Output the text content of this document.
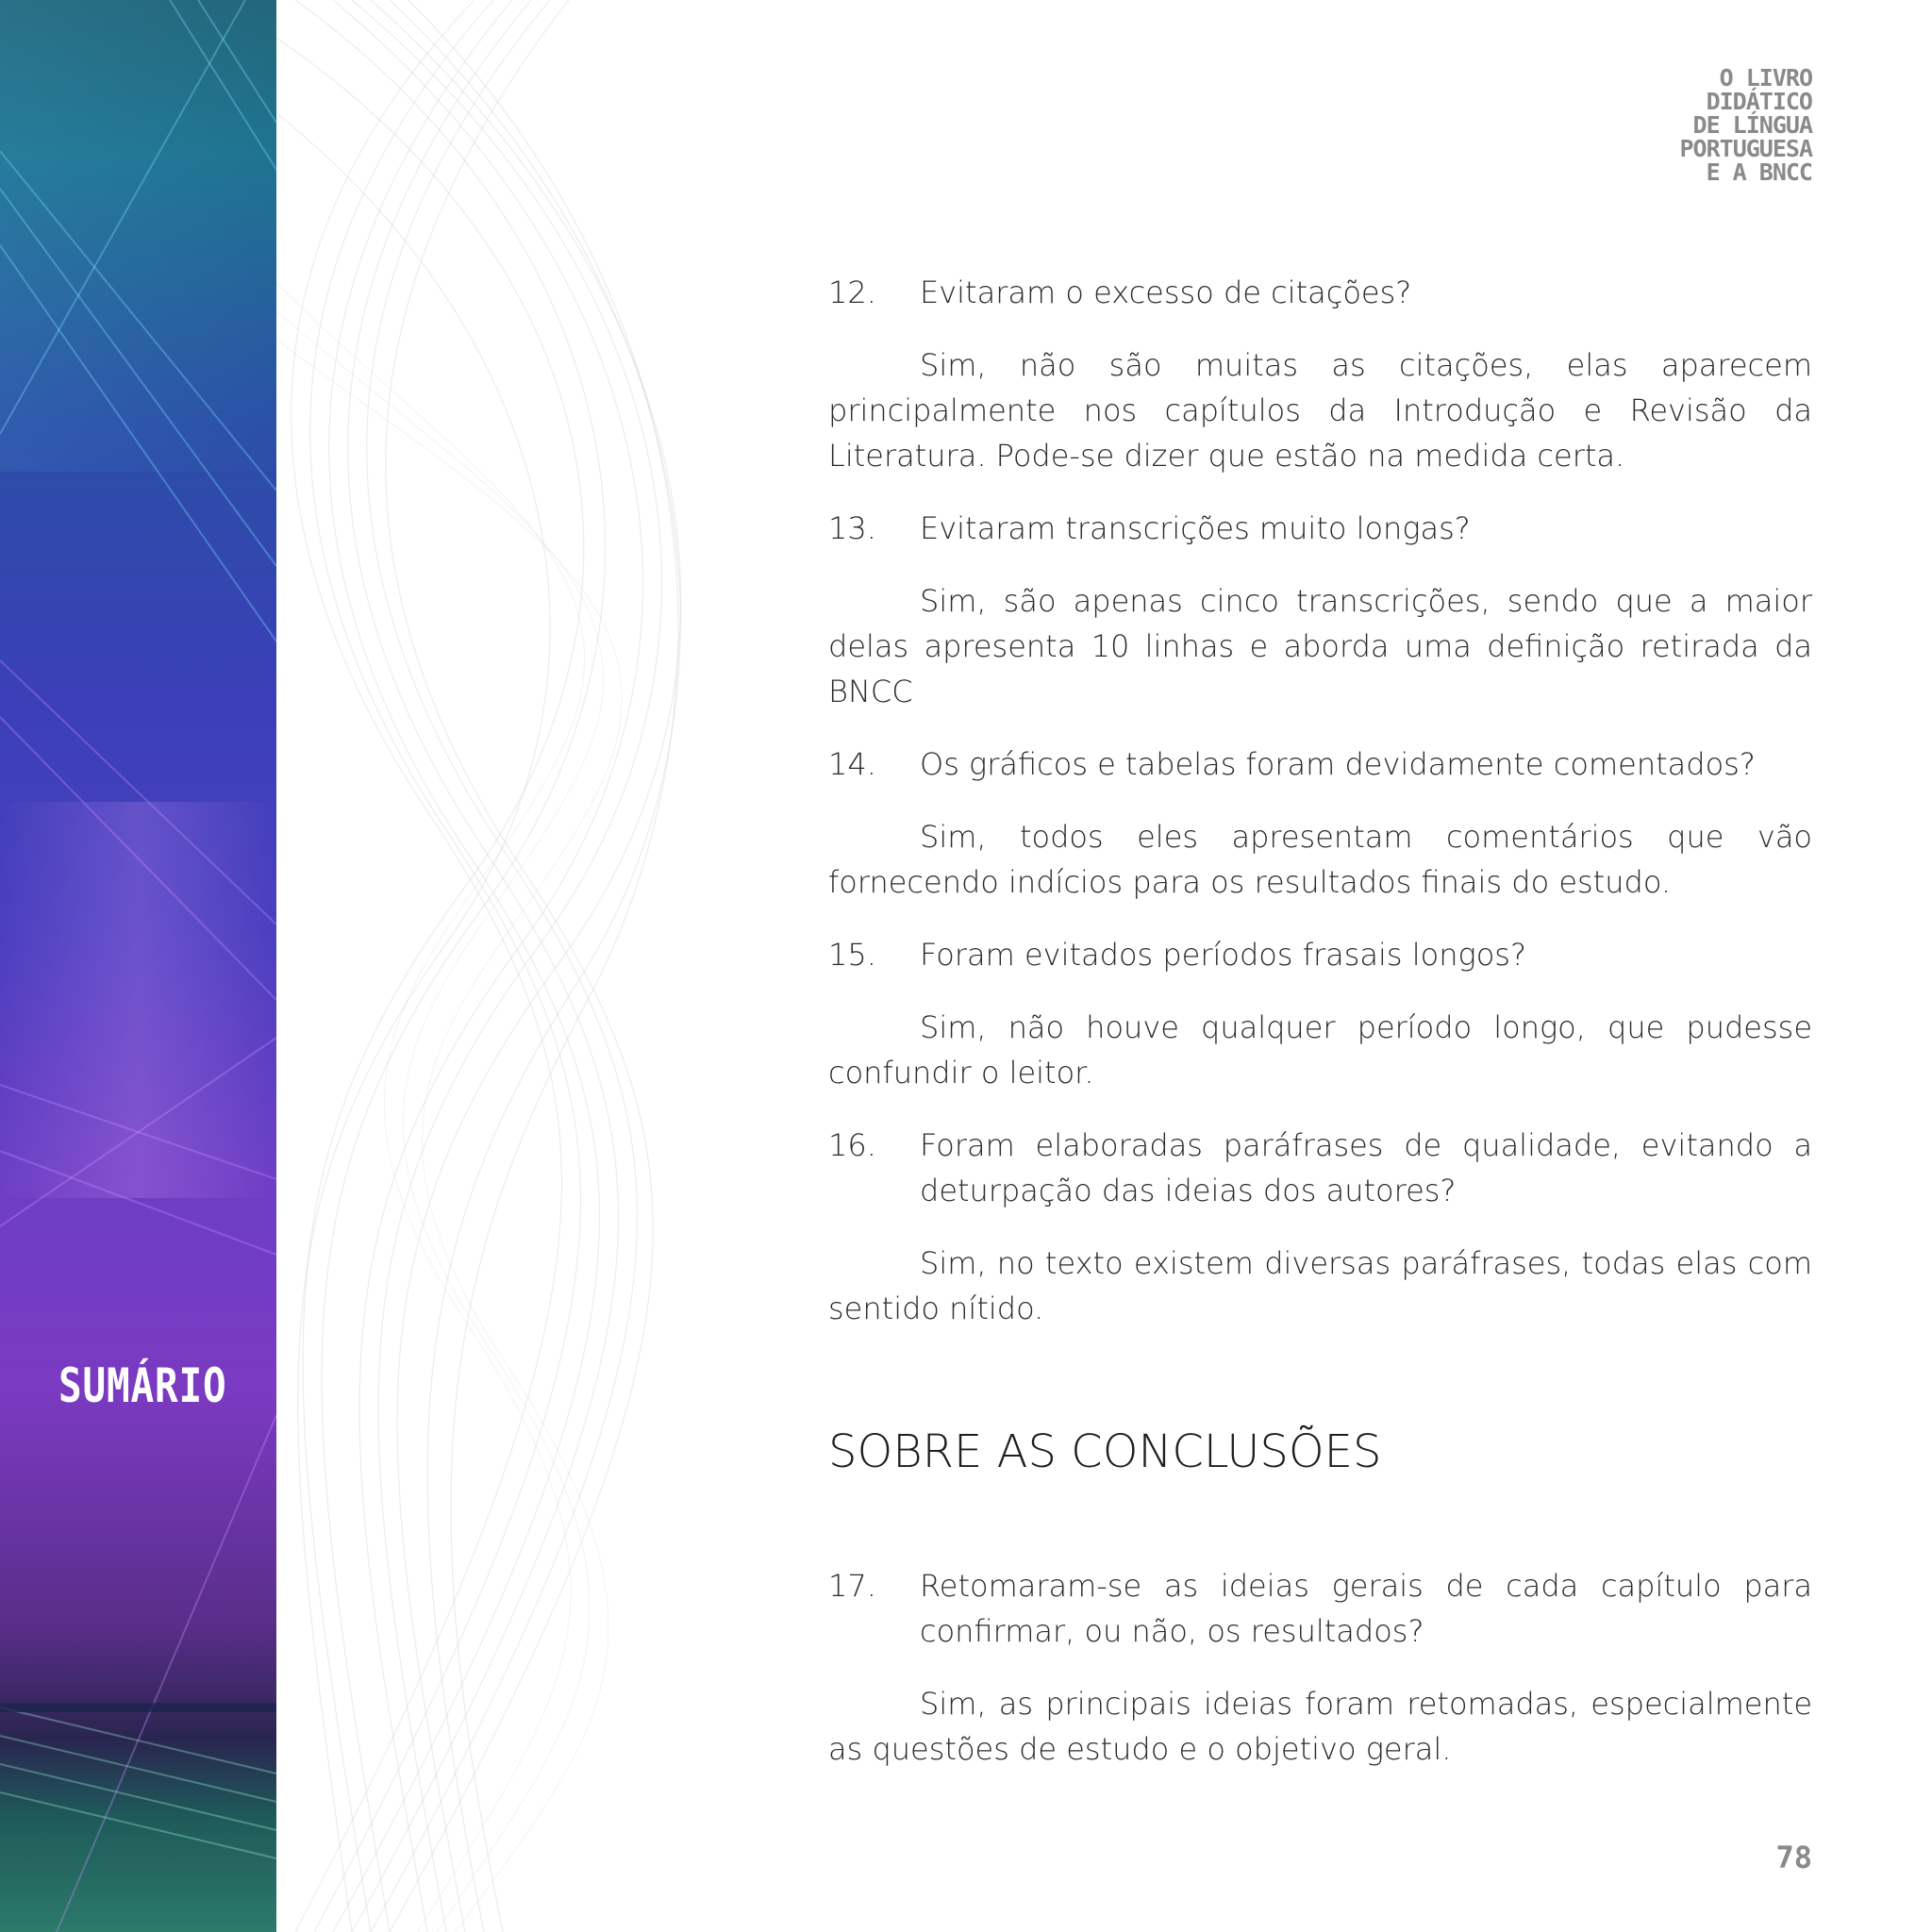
SUMÁRIO
O LIVRO
DIDÁTICO
DE LÍNGUA
PORTUGUESA
E A BNCC
12.	Evitaram o excesso de citações?

Sim, não são muitas as citações, elas aparecem principalmente nos capítulos da Introdução e Revisão da Literatura. Pode-se dizer que estão na medida certa.

13.	Evitaram transcrições muito longas?

Sim, são apenas cinco transcrições, sendo que a maior delas apresenta 10 linhas e aborda uma definição retirada da BNCC

14.	Os gráficos e tabelas foram devidamente comentados?

Sim, todos eles apresentam comentários que vão fornecendo indícios para os resultados finais do estudo.

15.	Foram evitados períodos frasais longos?

Sim, não houve qualquer período longo, que pudesse confundir o leitor.

16.	Foram elaboradas paráfrases de qualidade, evitando a deturpação das ideias dos autores?

Sim, no texto existem diversas paráfrases, todas elas com sentido nítido.

SOBRE AS CONCLUSÕES
17.	Retomaram-se as ideias gerais de cada capítulo para confirmar, ou não, os resultados?

Sim, as principais ideias foram retomadas, especialmente as questões de estudo e o objetivo geral.

78
